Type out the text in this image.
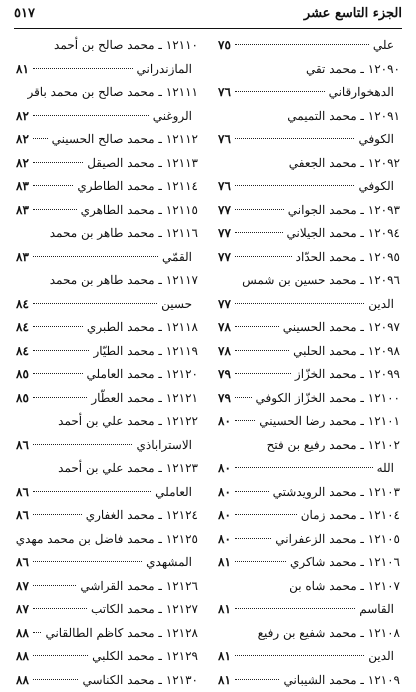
الجزء التاسع عشر
٥١٧
علي
٧٥
١٢٠٩٠ ـ محمد تقي
الدهخوارقاني
٧٦
١٢٠٩١ ـ محمد التميمي
الكوفي
٧٦
١٢٠٩٢ ـ محمد الجعفي
الكوفي
٧٦
١٢٠٩٣ ـ محمد الجواني
٧٧
١٢٠٩٤ ـ محمد الجيلاني
٧٧
١٢٠٩٥ ـ محمد الحدّاد
٧٧
١٢٠٩٦ ـ محمد حسين بن شمس
الدين
٧٧
١٢٠٩٧ ـ محمد الحسيني
٧٨
١٢٠٩٨ ـ محمد الحلبي
٧٨
١٢٠٩٩ ـ محمد الخزّاز
٧٩
١٢١٠٠ ـ محمد الخزّاز الكوفي
٧٩
١٢١٠١ ـ محمد رضا الحسيني
٨٠
١٢١٠٢ ـ محمد رفيع بن فتح
الله
٨٠
١٢١٠٣ ـ محمد الرويدشتي
٨٠
١٢١٠٤ ـ محمد زمان
٨٠
١٢١٠٥ ـ محمد الزعفراني
٨٠
١٢١٠٦ ـ محمد شاكري
٨١
١٢١٠٧ ـ محمد شاه بن
القاسم
٨١
١٢١٠٨ ـ محمد شفيع بن رفيع
الدين
٨١
١٢١٠٩ ـ محمد الشيباني
٨١
١٢١١٠ ـ محمد صالح بن أحمد
المازندراني
٨١
١٢١١١ ـ محمد صالح بن محمد باقر
الروغني
٨٢
١٢١١٢ ـ محمد صالح الحسيني
٨٢
١٢١١٣ ـ محمد الصيقل
٨٢
١٢١١٤ ـ محمد الطاطري
٨٣
١٢١١٥ ـ محمد الطاهري
٨٣
١٢١١٦ ـ محمد طاهر بن محمد
القمّي
٨٣
١٢١١٧ ـ محمد طاهر بن محمد
حسين
٨٤
١٢١١٨ ـ محمد الطبري
٨٤
١٢١١٩ ـ محمد الطيّار
٨٤
١٢١٢٠ ـ محمد العاملي
٨٥
١٢١٢١ ـ محمد العطّار
٨٥
١٢١٢٢ ـ محمد علي بن أحمد
الاستراباذي
٨٦
١٢١٢٣ ـ محمد علي بن أحمد
العاملي
٨٦
١٢١٢٤ ـ محمد الغفاري
٨٦
١٢١٢٥ ـ محمد فاضل بن محمد مهدي
المشهدي
٨٦
١٢١٢٦ ـ محمد القراشي
٨٧
١٢١٢٧ ـ محمد الكاتب
٨٧
١٢١٢٨ ـ محمد كاظم الطالقاني
٨٨
١٢١٢٩ ـ محمد الكلبي
٨٨
١٢١٣٠ ـ محمد الكناسي
٨٨
